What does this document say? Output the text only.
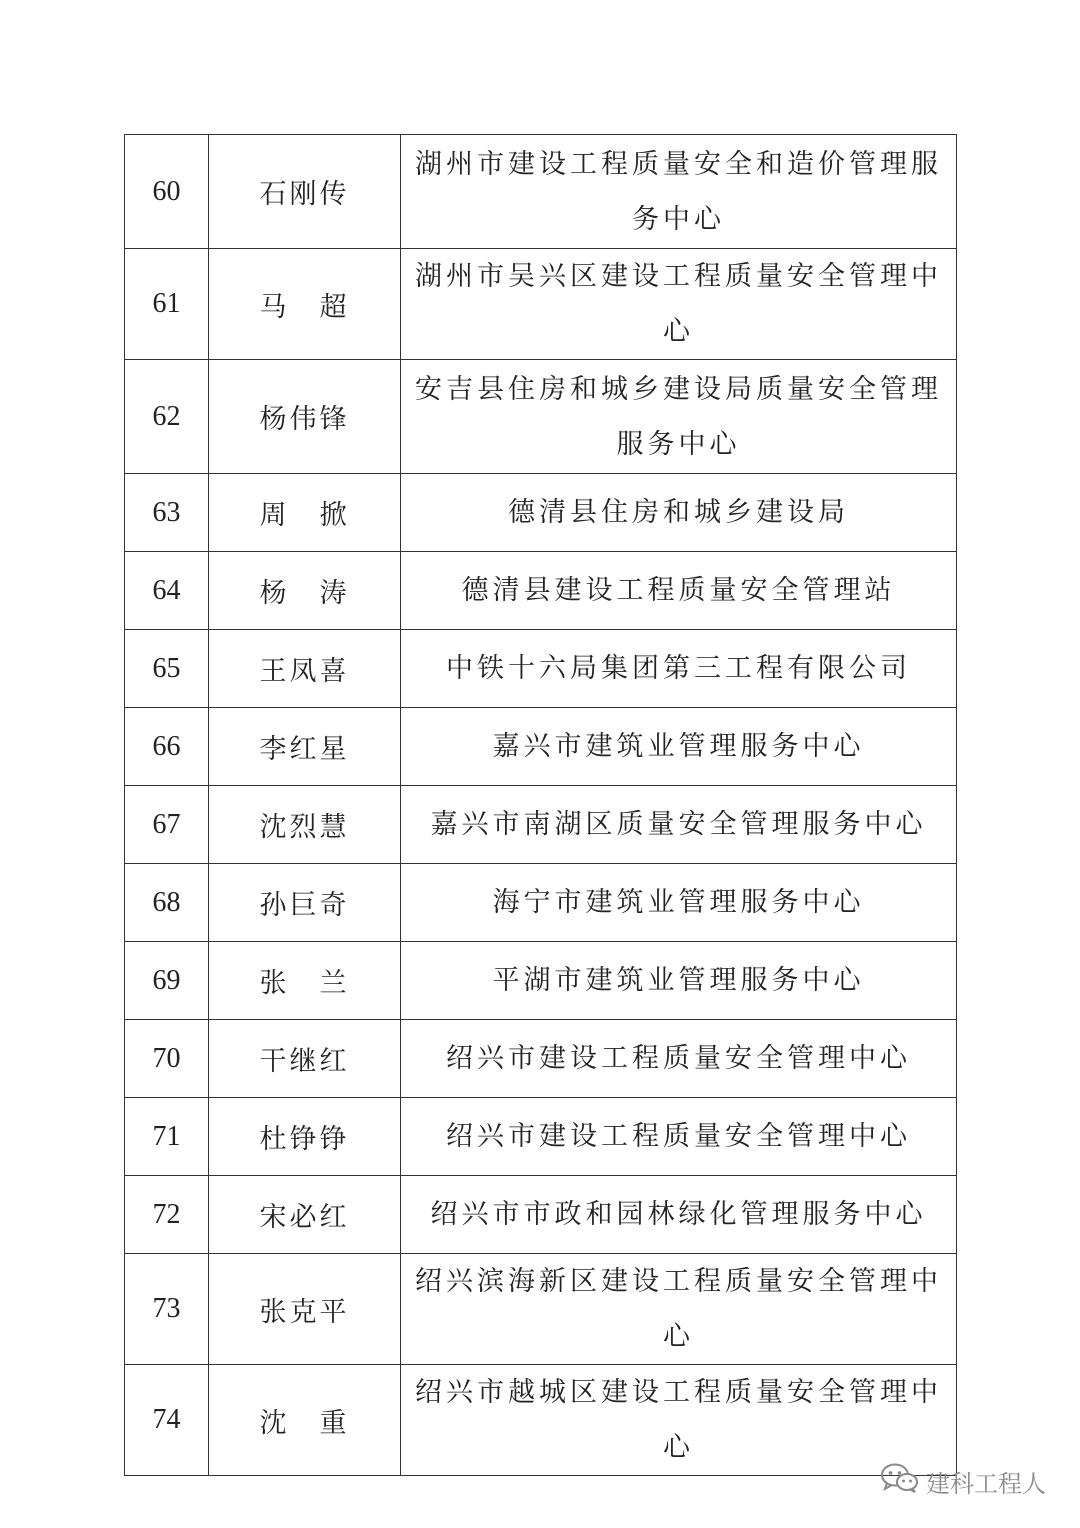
60	石刚传	湖州市建设工程质量安全和造价管理服务中心
61	马　超	湖州市吴兴区建设工程质量安全管理中心
62	杨伟锋	安吉县住房和城乡建设局质量安全管理服务中心
63	周　掀	德清县住房和城乡建设局
64	杨　涛	德清县建设工程质量安全管理站
65	王凤喜	中铁十六局集团第三工程有限公司
66	李红星	嘉兴市建筑业管理服务中心
67	沈烈慧	嘉兴市南湖区质量安全管理服务中心
68	孙巨奇	海宁市建筑业管理服务中心
69	张　兰	平湖市建筑业管理服务中心
70	干继红	绍兴市建设工程质量安全管理中心
71	杜铮铮	绍兴市建设工程质量安全管理中心
72	宋必红	绍兴市市政和园林绿化管理服务中心
73	张克平	绍兴滨海新区建设工程质量安全管理中心
74	沈　重	绍兴市越城区建设工程质量安全管理中心
建科工程人
